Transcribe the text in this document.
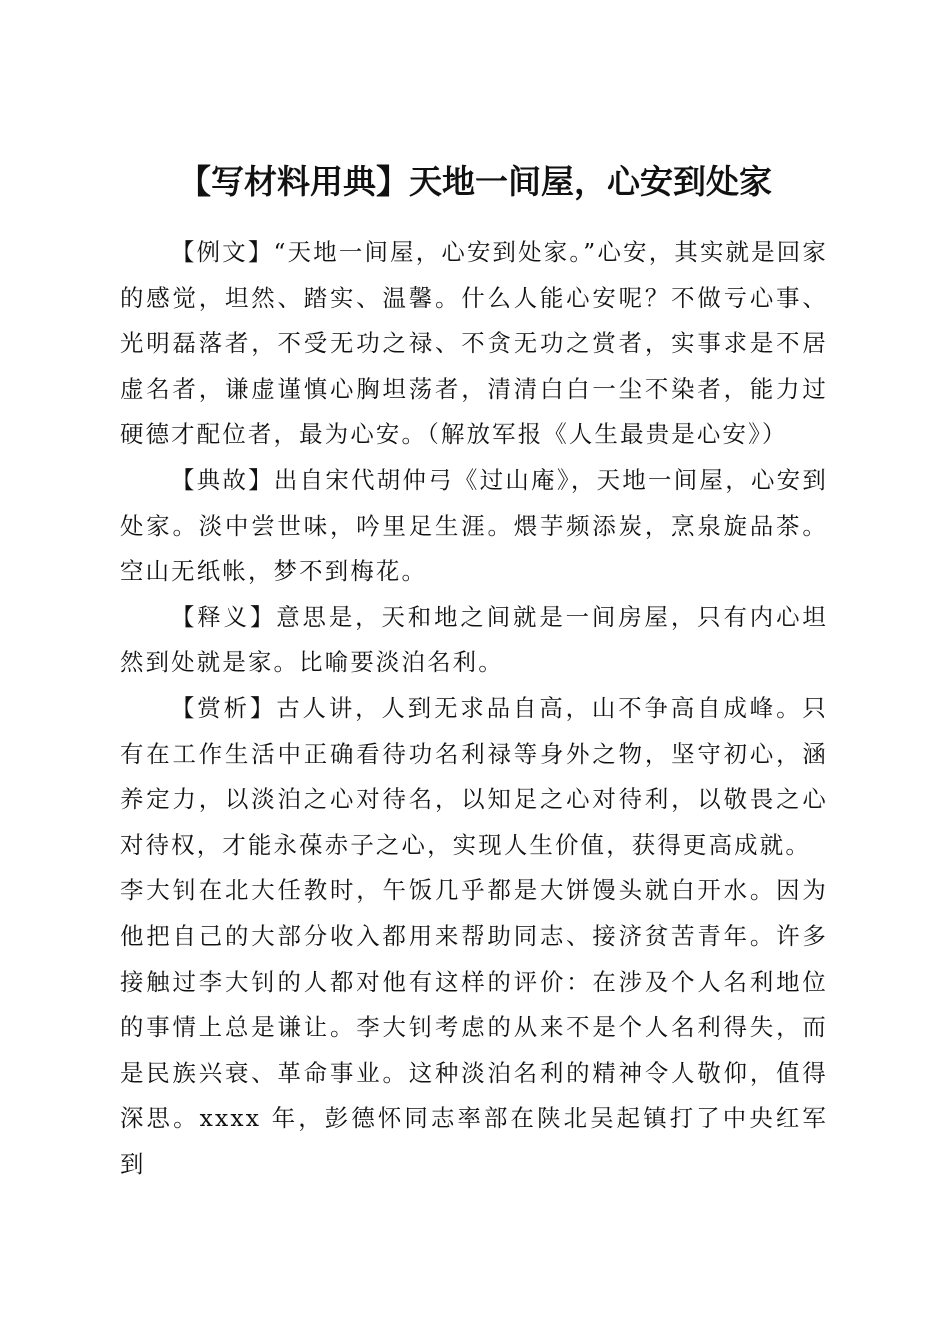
【写材料用典】天地一间屋，心安到处家

【例文】“天地一间屋，心安到处家。”心安，其实就是回家的感觉，坦然、踏实、温馨。什么人能心安呢？不做亏心事、光明磊落者，不受无功之禄、不贪无功之赏者，实事求是不居虚名者，谦虚谨慎心胸坦荡者，清清白白一尘不染者，能力过硬德才配位者，最为心安。（解放军报《人生最贵是心安》）

【典故】出自宋代胡仲弓《过山庵》，天地一间屋，心安到处家。淡中尝世味，吟里足生涯。煨芋频添炭，烹泉旋品茶。空山无纸帐，梦不到梅花。

【释义】意思是，天和地之间就是一间房屋，只有内心坦然到处就是家。比喻要淡泊名利。

【赏析】古人讲，人到无求品自高，山不争高自成峰。只有在工作生活中正确看待功名利禄等身外之物，坚守初心，涵养定力，以淡泊之心对待名，以知足之心对待利，以敬畏之心对待权，才能永葆赤子之心，实现人生价值，获得更高成就。

李大钊在北大任教时，午饭几乎都是大饼馒头就白开水。因为他把自己的大部分收入都用来帮助同志、接济贫苦青年。许多接触过李大钊的人都对他有这样的评价：在涉及个人名利地位的事情上总是谦让。李大钊考虑的从来不是个人名利得失，而是民族兴衰、革命事业。这种淡泊名利的精神令人敬仰，值得深思。xxxx 年，彭德怀同志率部在陕北吴起镇打了中央红军到
